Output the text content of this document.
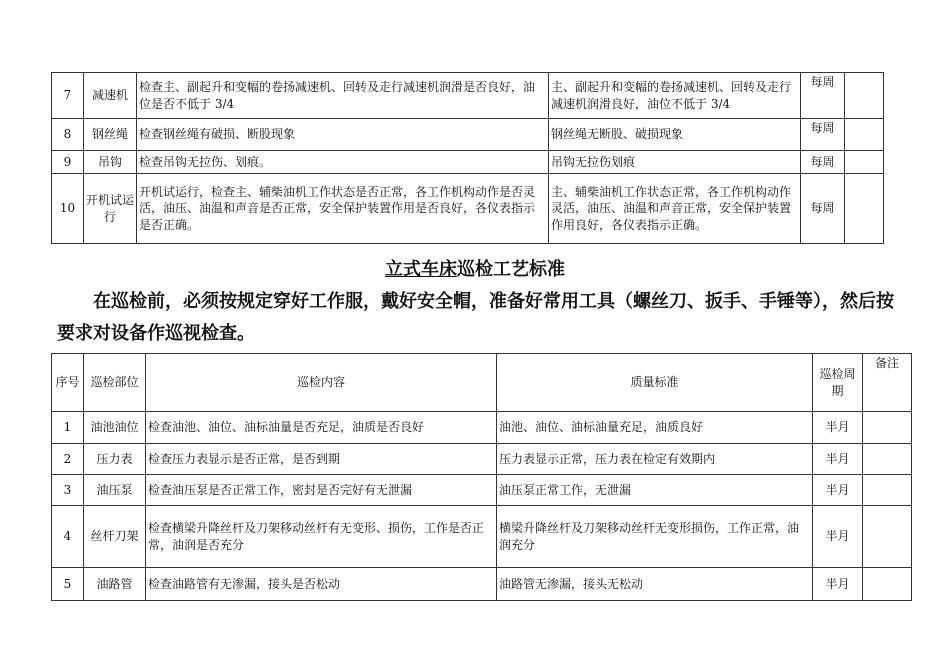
7	减速机	检查主、副起升和变幅的卷扬减速机、回转及走行减速机润滑是否良好，油位是否不低于 3/4	主、副起升和变幅的卷扬减速机、回转及走行减速机润滑良好，油位不低于 3/4	每周	
8	钢丝绳	检查钢丝绳有破损、断股现象	钢丝绳无断股、破损现象	每周	
9	吊钩	检查吊钩无拉伤、划痕。	吊钩无拉伤划痕	每周	
10	开机试运行	开机试运行，检查主、辅柴油机工作状态是否正常，各工作机构动作是否灵活，油压、油温和声音是否正常，安全保护装置作用是否良好，各仪表指示是否正确。	主、辅柴油机工作状态正常，各工作机构动作灵活，油压、油温和声音正常，安全保护装置作用良好，各仪表指示正确。	每周	
立式车床巡检工艺标准
在巡检前，必须按规定穿好工作服，戴好安全帽，准备好常用工具（螺丝刀、扳手、手锤等），然后按要求对设备作巡视检查。
序号	巡检部位	巡检内容	质量标准	巡检周期	备注
1	油池油位	检查油池、油位、油标油量是否充足，油质是否良好	油池、油位、油标油量充足，油质良好	半月	
2	压力表	检查压力表显示是否正常，是否到期	压力表显示正常，压力表在检定有效期内	半月	
3	油压泵	检查油压泵是否正常工作，密封是否完好有无泄漏	油压泵正常工作，无泄漏	半月	
4	丝杆刀架	检查横梁升降丝杆及刀架移动丝杆有无变形、损伤，工作是否正常，油润是否充分	横梁升降丝杆及刀架移动丝杆无变形损伤，工作正常，油润充分	半月	
5	油路管	检查油路管有无渗漏，接头是否松动	油路管无渗漏，接头无松动	半月	
